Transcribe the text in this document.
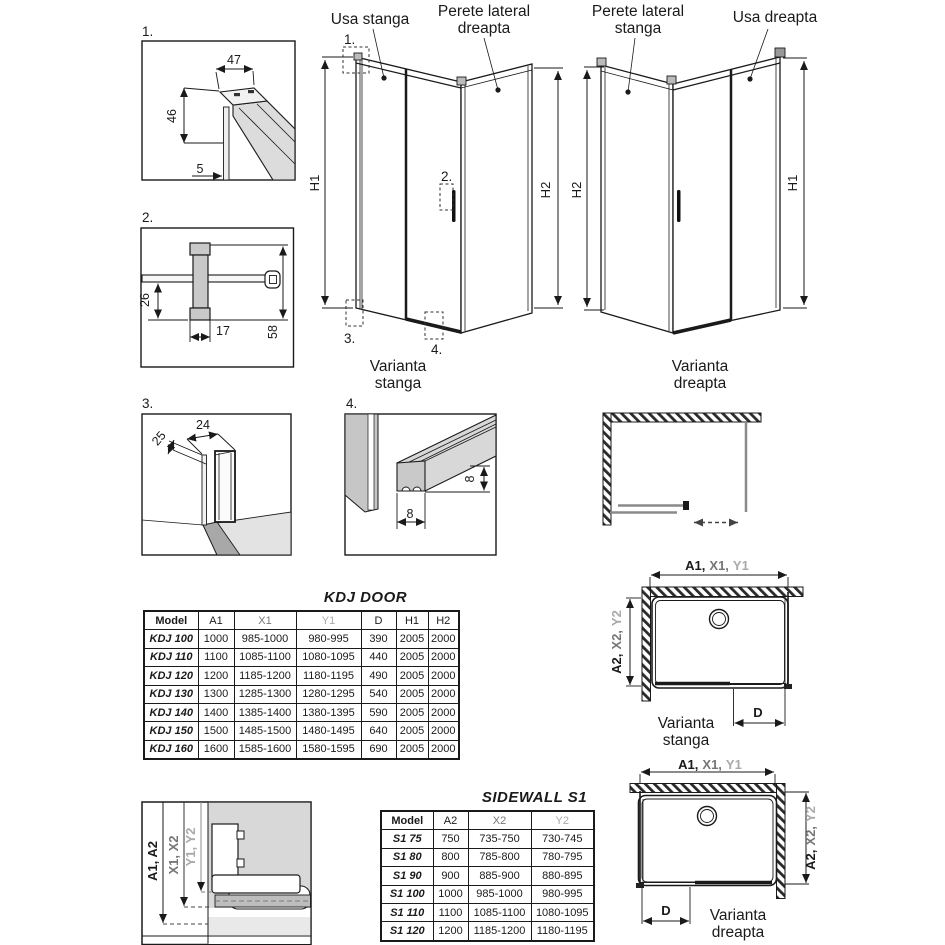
1.
47
46
5
2.
26
17	58
3.
24
25
4.
8
8
1.
2.
3.
4.
H1	H2
Usa stanga Perete lateral
dreapta
Varianta
stanga
H2	H1
Perete lateral
stanga
Usa dreapta
Varianta
dreapta
A1, X1, Y1
A2,X2,Y2
D
Varianta
stanga
A1, X1, Y1
A2,X2,Y2
D	Varianta
dreapta
A1, A2 X1, X2 Y1, Y2
KDJ DOOR
Model	A1	X1	Y1	D	H1	H2
KDJ 100	1000	985-1000	980-995	390	2005	2000
KDJ 110	1100	1085-1100	1080-1095	440	2005	2000
KDJ 120	1200	1185-1200	1180-1195	490	2005	2000
KDJ 130	1300	1285-1300	1280-1295	540	2005	2000
KDJ 140	1400	1385-1400	1380-1395	590	2005	2000
KDJ 150	1500	1485-1500	1480-1495	640	2005	2000
KDJ 160	1600	1585-1600	1580-1595	690	2005	2000
SIDEWALL S1
Model	A2	X2	Y2
S1 75	750	735-750	730-745
S1 80	800	785-800	780-795
S1 90	900	885-900	880-895
S1 100	1000	985-1000	980-995
S1 110	1100	1085-1100	1080-1095
S1 120	1200	1185-1200	1180-1195
